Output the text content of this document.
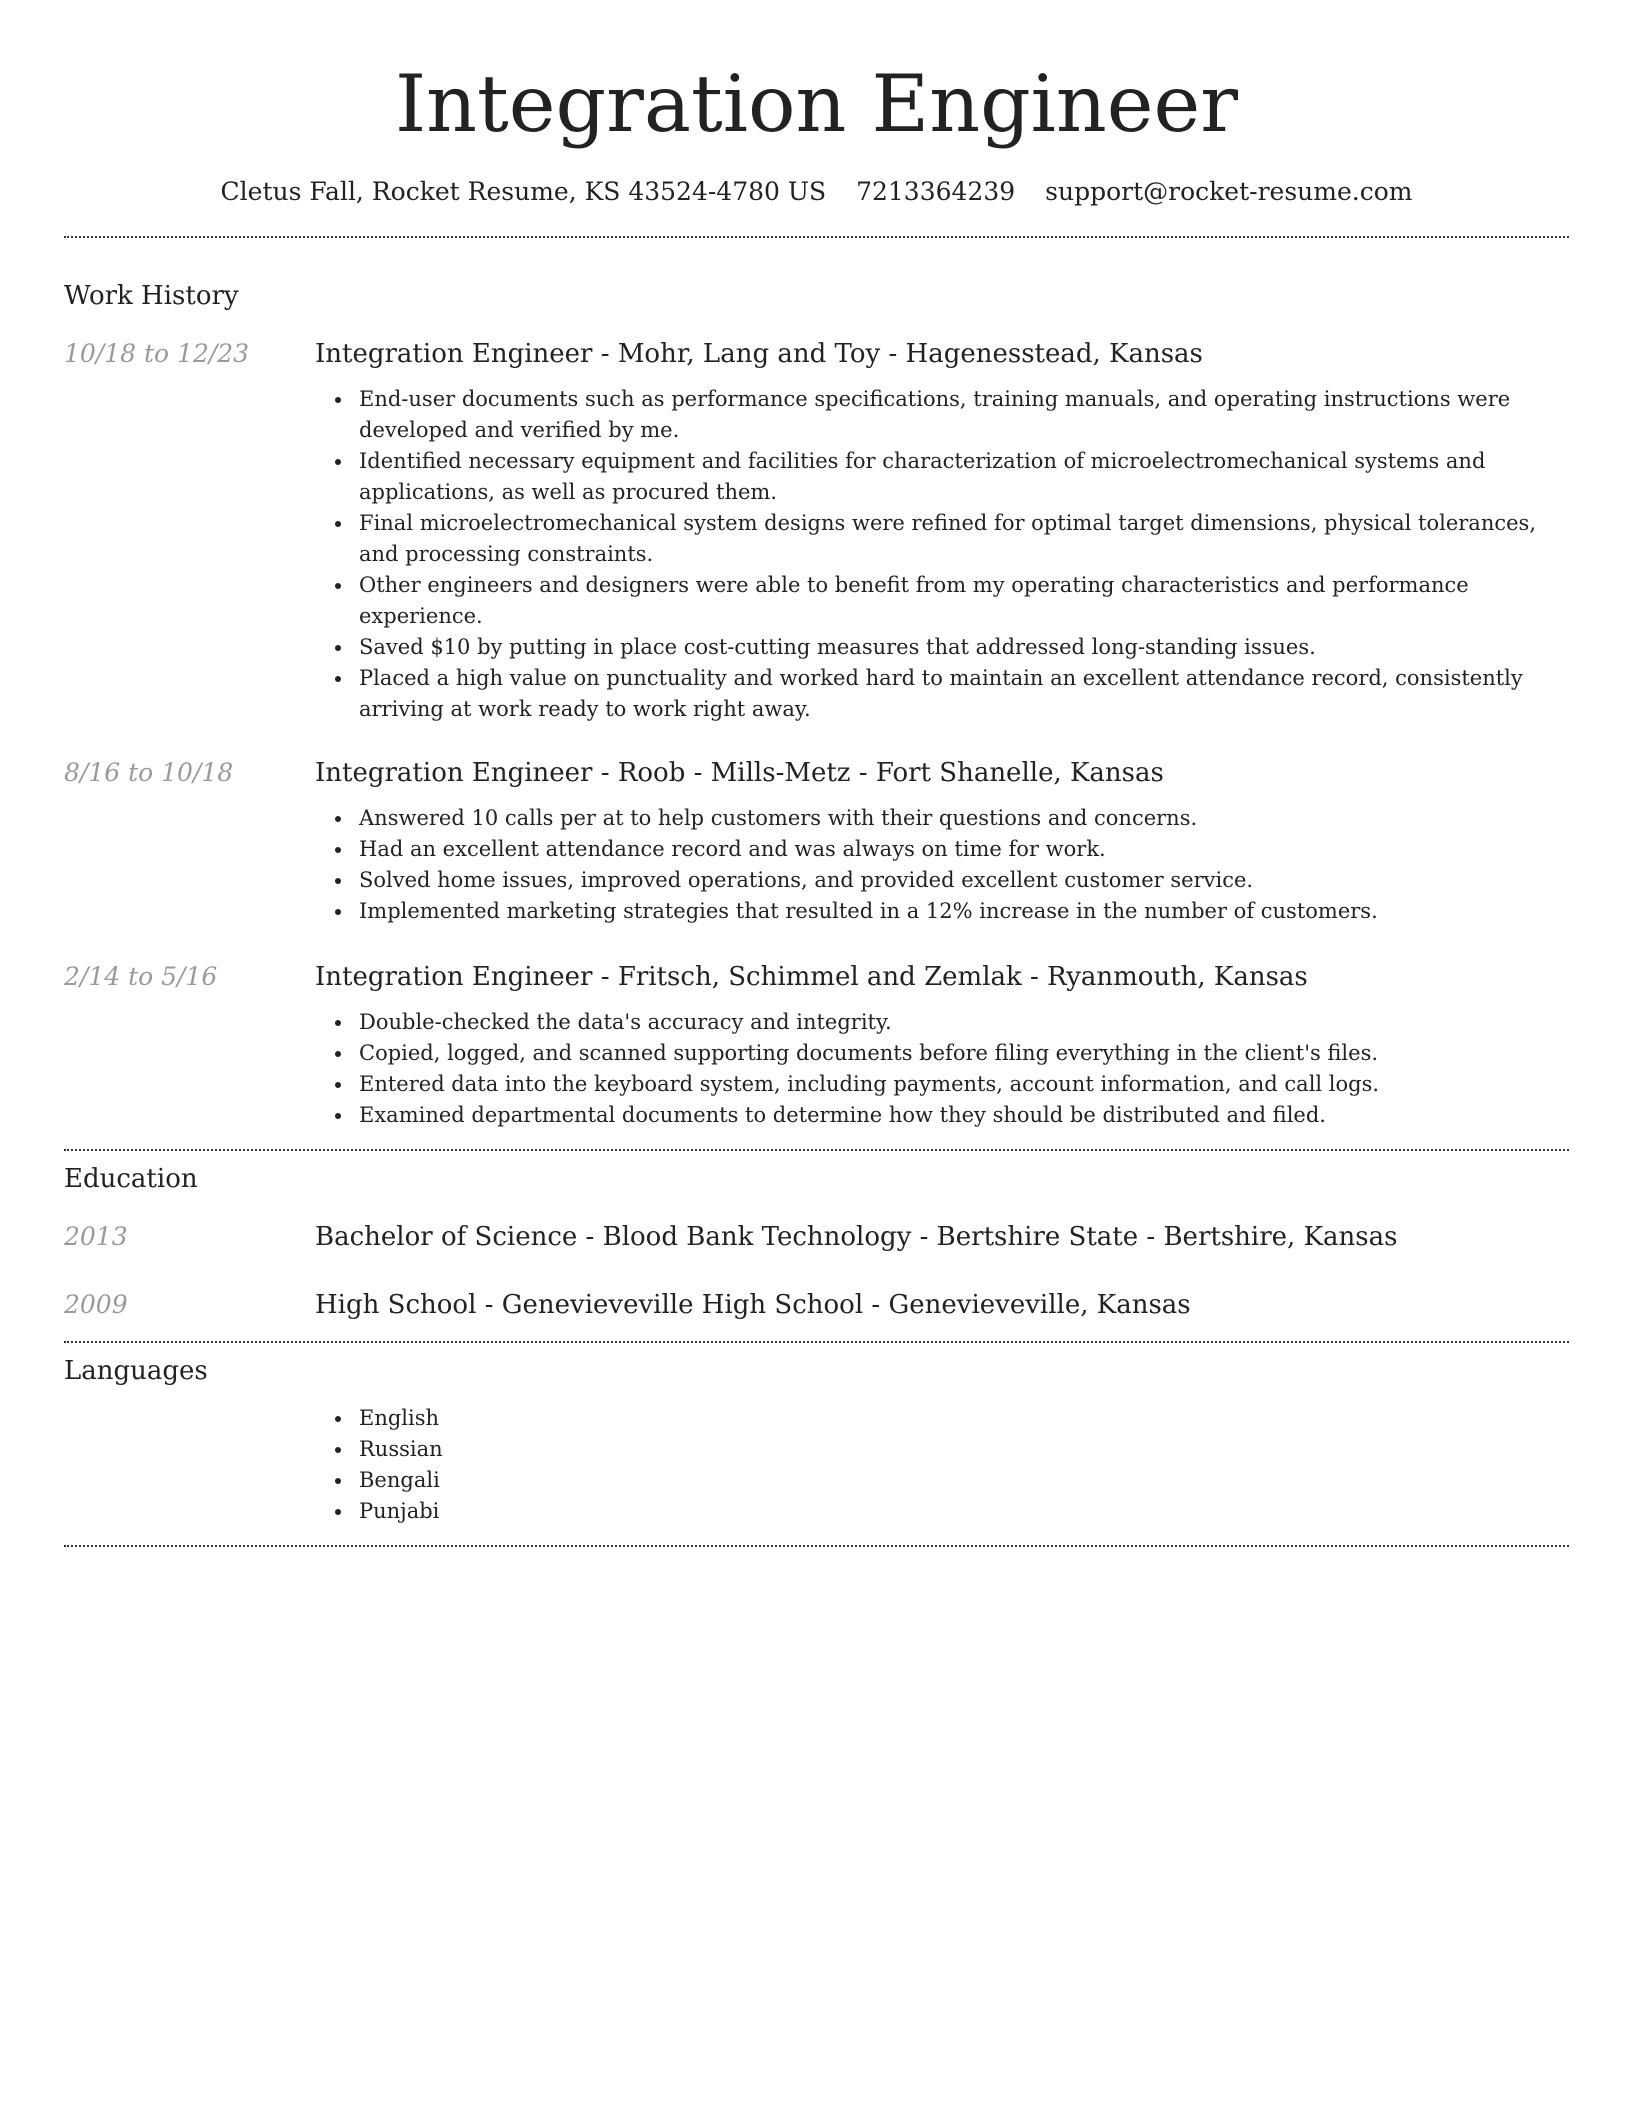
Integration Engineer
Cletus Fall, Rocket Resume, KS 43524-4780 US 7213364239 support@rocket-resume.com
Work History
10/18 to 12/23	Integration Engineer - Mohr, Lang and Toy - Hagenesstead, Kansas
End-user documents such as performance specifications, training manuals, and operating instructions were developed and verified by me.
Identified necessary equipment and facilities for characterization of microelectromechanical systems and applications, as well as procured them.
Final microelectromechanical system designs were refined for optimal target dimensions, physical tolerances, and processing constraints.
Other engineers and designers were able to benefit from my operating characteristics and performance experience.
Saved $10 by putting in place cost-cutting measures that addressed long-standing issues.
Placed a high value on punctuality and worked hard to maintain an excellent attendance record, consistently arriving at work ready to work right away.
8/16 to 10/18	Integration Engineer - Roob - Mills-Metz - Fort Shanelle, Kansas
Answered 10 calls per at to help customers with their questions and concerns.
Had an excellent attendance record and was always on time for work.
Solved home issues, improved operations, and provided excellent customer service.
Implemented marketing strategies that resulted in a 12% increase in the number of customers.
2/14 to 5/16	Integration Engineer - Fritsch, Schimmel and Zemlak - Ryanmouth, Kansas
Double-checked the data's accuracy and integrity.
Copied, logged, and scanned supporting documents before filing everything in the client's files.
Entered data into the keyboard system, including payments, account information, and call logs.
Examined departmental documents to determine how they should be distributed and filed.
Education
2013	Bachelor of Science - Blood Bank Technology - Bertshire State - Bertshire, Kansas
2009	High School - Genevieveville High School - Genevieveville, Kansas
Languages
English
Russian
Bengali
Punjabi
